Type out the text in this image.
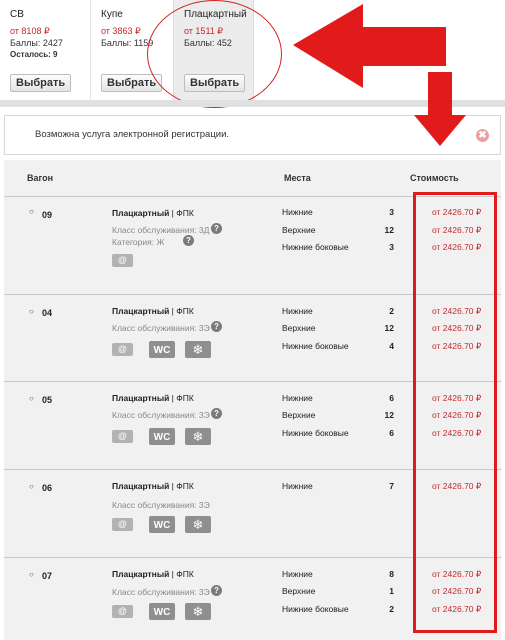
СВ
от 8108 ₽
Баллы: 2427
Осталось: 9
Выбрать
Купе
от 3863 ₽
Баллы: 1159
Выбрать
Плацкартный
от 1511 ₽
Баллы: 452
Выбрать
Возможна услуга электронной регистрации.	✖
Вагон	Места	Стоимость
○ 09	Плацкартный | ФПК
Класс обслуживания: 3Д ?
Категория: Ж	?
@
Нижние	3	от 2426.70 ₽
Верхние	12	от 2426.70 ₽
Нижние боковые	3	от 2426.70 ₽
○ 04	Плацкартный | ФПК
Класс обслуживания: 3Э ?
@	WC	❄
Нижние	2	от 2426.70 ₽
Верхние	12	от 2426.70 ₽
Нижние боковые	4	от 2426.70 ₽
○ 05	Плацкартный | ФПК
Класс обслуживания: 3Э ?
@	WC	❄
Нижние	6	от 2426.70 ₽
Верхние	12	от 2426.70 ₽
Нижние боковые	6	от 2426.70 ₽
○ 06	Плацкартный | ФПК
Класс обслуживания: 3Э
@	WC	❄
Нижние	7	от 2426.70 ₽
○ 07	Плацкартный | ФПК
Класс обслуживания: 3Э ?
@	WC	❄
Нижние	8	от 2426.70 ₽
Верхние	1	от 2426.70 ₽
Нижние боковые	2	от 2426.70 ₽
